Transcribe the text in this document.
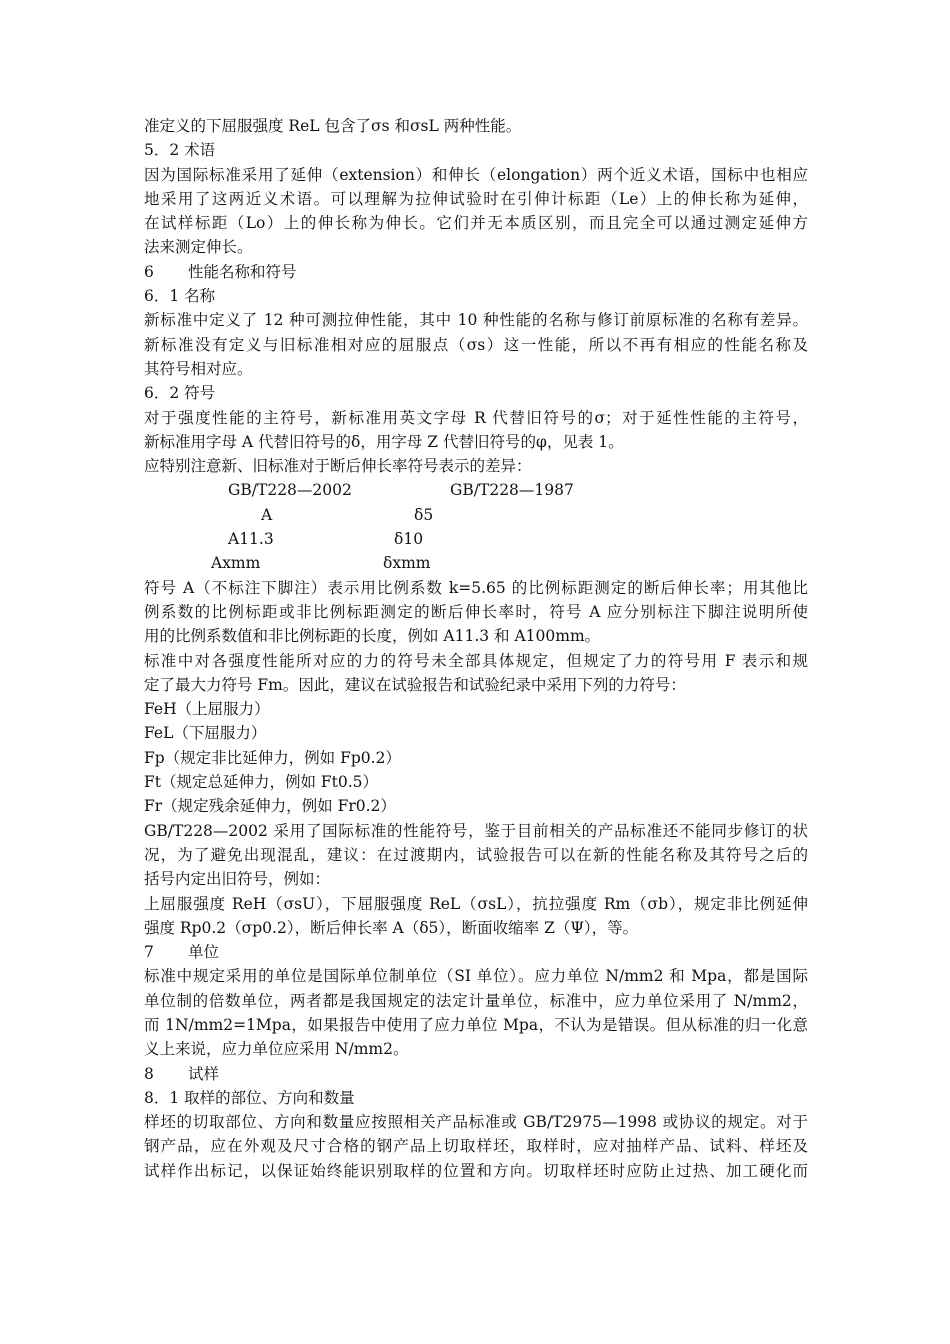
准定义的下屈服强度 ReL 包含了σs 和σsL 两种性能。
5．2 术语
因为国际标准采用了延伸（extension）和伸长（elongation）两个近义术语，国标中也相应
地采用了这两近义术语。可以理解为拉伸试验时在引伸计标距（Le）上的伸长称为延伸，
在试样标距（Lo）上的伸长称为伸长。它们并无本质区别，而且完全可以通过测定延伸方
法来测定伸长。
6 性能名称和符号
6．1 名称
新标准中定义了 12 种可测拉伸性能，其中 10 种性能的名称与修订前原标准的名称有差异。
新标准没有定义与旧标准相对应的屈服点（σs）这一性能，所以不再有相应的性能名称及
其符号相对应。
6．2 符号
对于强度性能的主符号，新标准用英文字母 R 代替旧符号的σ；对于延性性能的主符号，
新标准用字母 A 代替旧符号的δ，用字母 Z 代替旧符号的φ，见表 1。
应特别注意新、旧标准对于断后伸长率符号表示的差异：
GB/T228—2002	GB/T228—1987
A	δ5
A11.3	δ10
Axmm	δxmm
符号 A（不标注下脚注）表示用比例系数 k=5.65 的比例标距测定的断后伸长率；用其他比
例系数的比例标距或非比例标距测定的断后伸长率时，符号 A 应分别标注下脚注说明所使
用的比例系数值和非比例标距的长度，例如 A11.3 和 A100mm。
标准中对各强度性能所对应的力的符号未全部具体规定，但规定了力的符号用 F 表示和规
定了最大力符号 Fm。因此，建议在试验报告和试验纪录中采用下列的力符号：
FeH（上屈服力）
FeL（下屈服力）
Fp（规定非比延伸力，例如 Fp0.2）
Ft（规定总延伸力，例如 Ft0.5）
Fr（规定残余延伸力，例如 Fr0.2）
GB/T228—2002 采用了国际标准的性能符号，鉴于目前相关的产品标准还不能同步修订的状
况，为了避免出现混乱，建议：在过渡期内，试验报告可以在新的性能名称及其符号之后的
括号内定出旧符号，例如：
上屈服强度 ReH（σsU），下屈服强度 ReL（σsL），抗拉强度 Rm（σb），规定非比例延伸
强度 Rp0.2（σp0.2），断后伸长率 A（δ5），断面收缩率 Z（Ψ），等。
7 单位
标准中规定采用的单位是国际单位制单位（SI 单位）。应力单位 N/mm2 和 Mpa，都是国际
单位制的倍数单位，两者都是我国规定的法定计量单位，标准中，应力单位采用了 N/mm2，
而 1N/mm2=1Mpa，如果报告中使用了应力单位 Mpa，不认为是错误。但从标准的归一化意
义上来说，应力单位应采用 N/mm2。
8 试样
8．1 取样的部位、方向和数量
样坯的切取部位、方向和数量应按照相关产品标准或 GB/T2975—1998 或协议的规定。对于
钢产品，应在外观及尺寸合格的钢产品上切取样坯，取样时，应对抽样产品、试料、样坯及
试样作出标记，以保证始终能识别取样的位置和方向。切取样坯时应防止过热、加工硬化而
